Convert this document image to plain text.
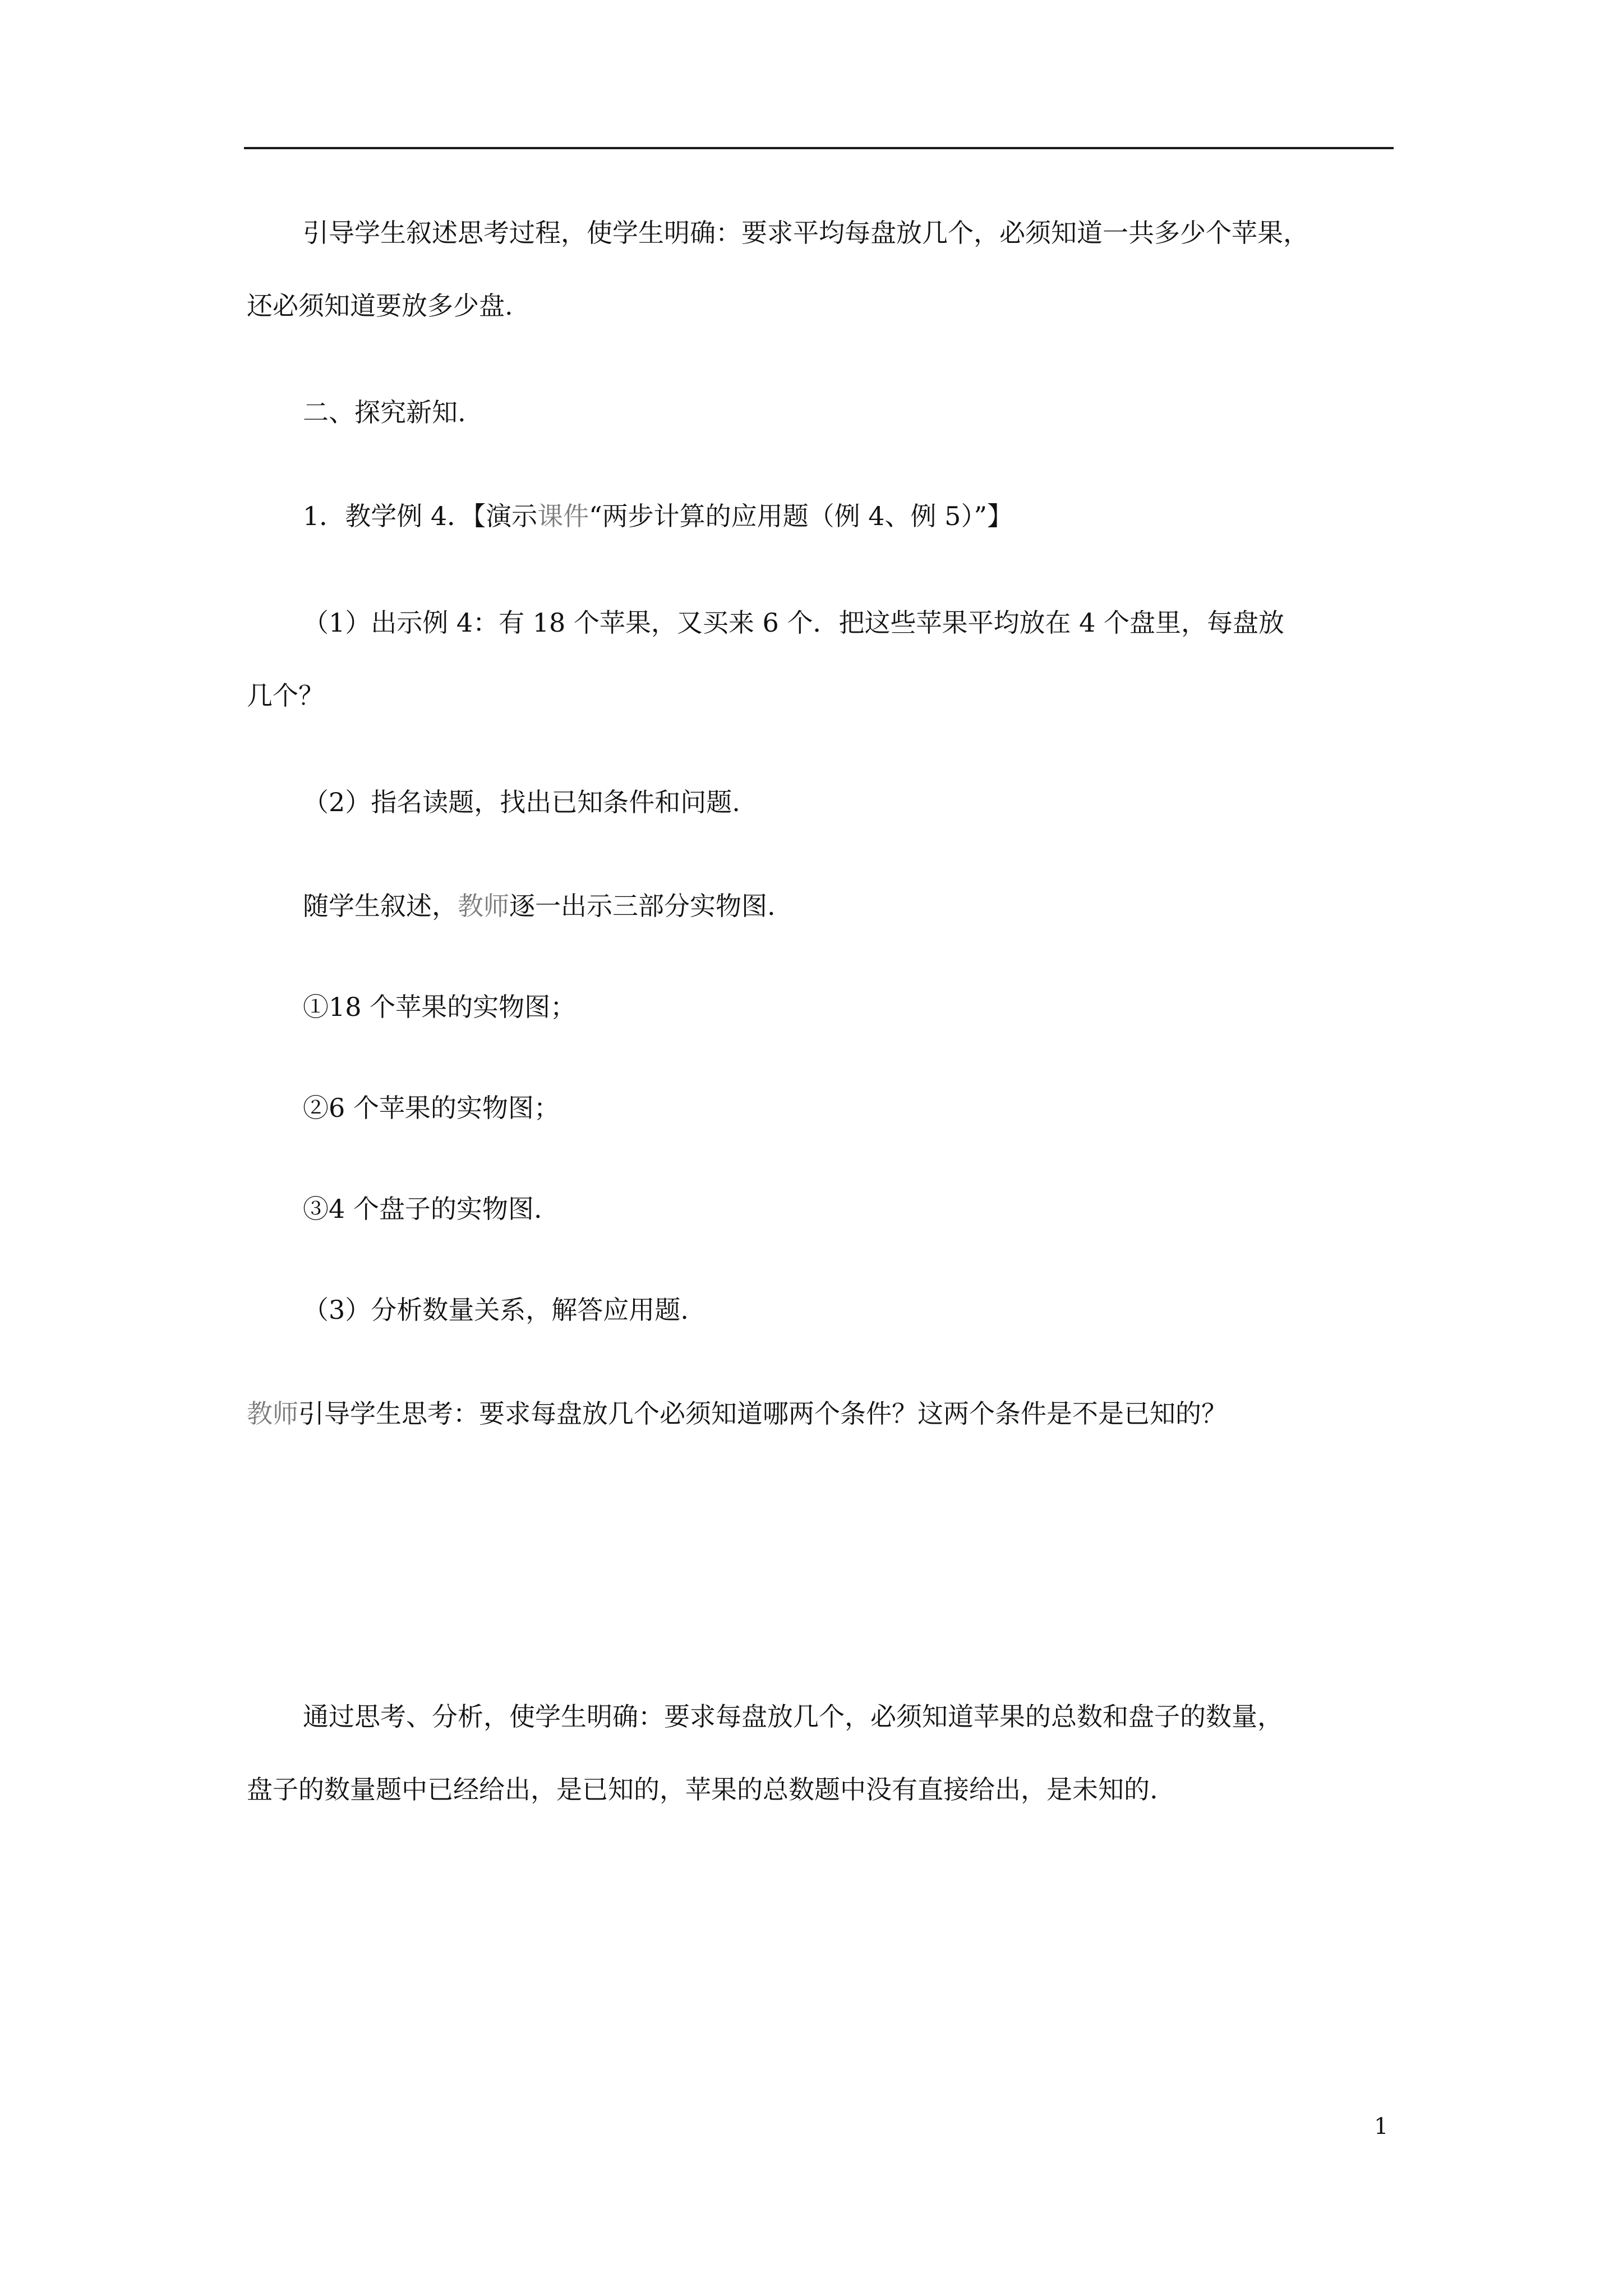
引导学生叙述思考过程，使学生明确：要求平均每盘放几个，必须知道一共多少个苹果，

还必须知道要放多少盘.

二、探究新知.

1．教学例 4．【演示课件“两步计算的应用题（例 4、例 5）”】

（1）出示例 4：有 18 个苹果，又买来 6 个．把这些苹果平均放在 4 个盘里，每盘放

几个？

（2）指名读题，找出已知条件和问题.

随学生叙述，教师逐一出示三部分实物图.

①18 个苹果的实物图；

②6 个苹果的实物图；

③4 个盘子的实物图.

（3）分析数量关系，解答应用题.

教师引导学生思考：要求每盘放几个必须知道哪两个条件？这两个条件是不是已知的？

通过思考、分析，使学生明确：要求每盘放几个，必须知道苹果的总数和盘子的数量，

盘子的数量题中已经给出，是已知的，苹果的总数题中没有直接给出，是未知的.

1
